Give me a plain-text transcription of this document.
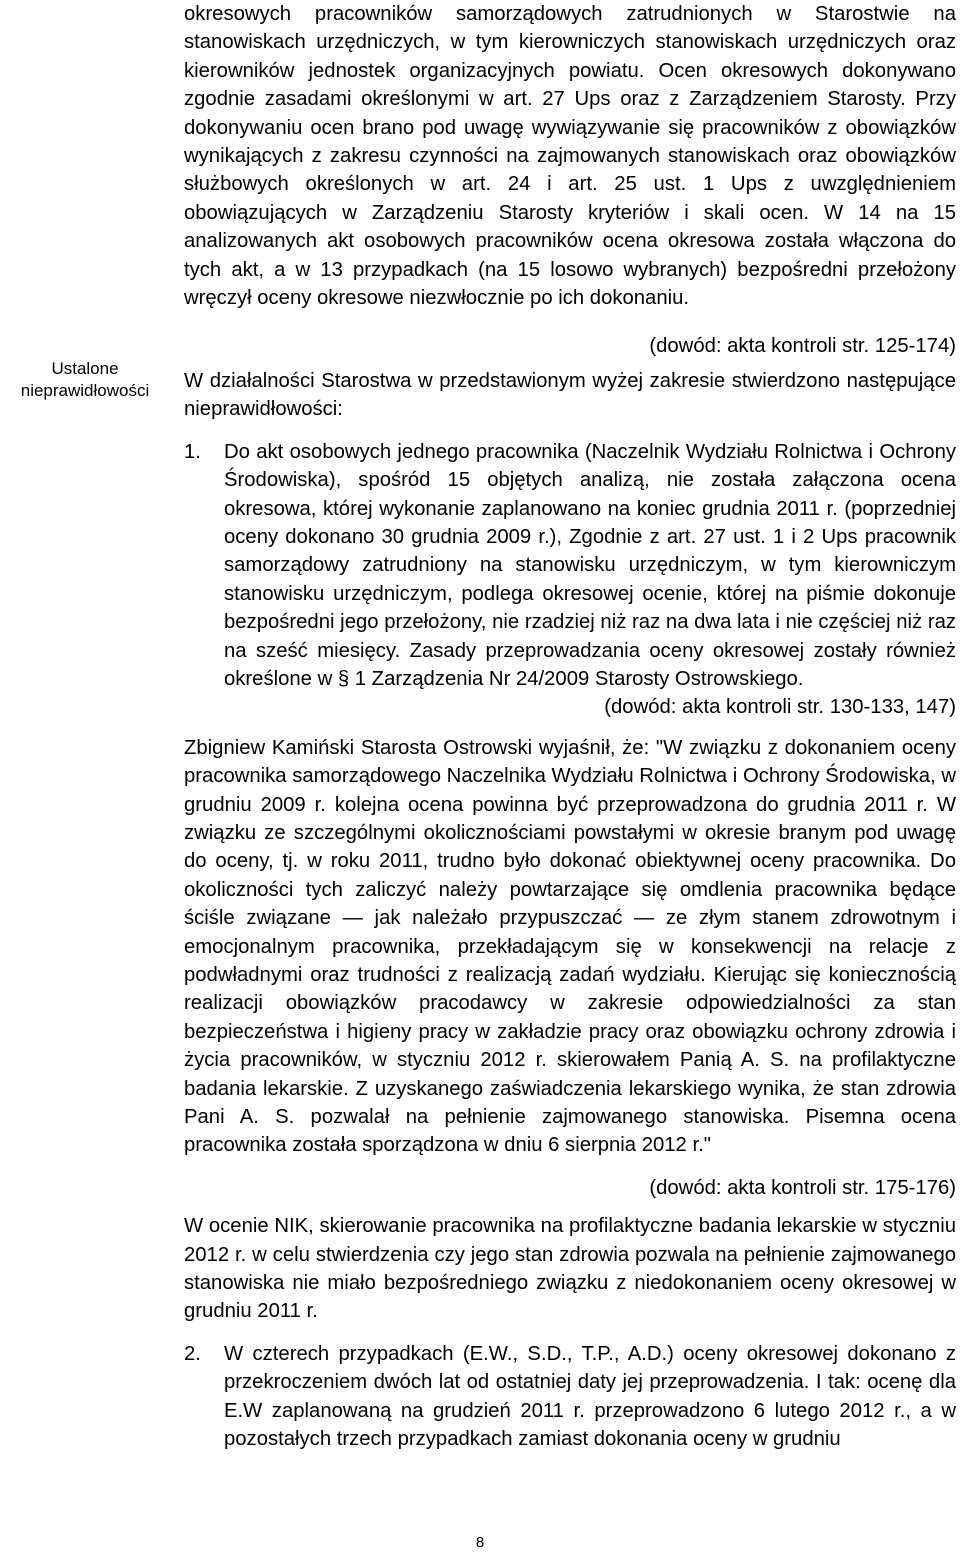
Ustalone nieprawidłowości

okresowych pracowników samorządowych zatrudnionych w Starostwie na stanowiskach urzędniczych, w tym kierowniczych stanowiskach urzędniczych oraz kierowników jednostek organizacyjnych powiatu. Ocen okresowych dokonywano zgodnie zasadami określonymi w art. 27 Ups oraz z Zarządzeniem Starosty. Przy dokonywaniu ocen brano pod uwagę wywiązywanie się pracowników z obowiązków wynikających z zakresu czynności na zajmowanych stanowiskach oraz obowiązków służbowych określonych w art. 24 i art. 25 ust. 1 Ups z uwzględnieniem obowiązujących w Zarządzeniu Starosty kryteriów i skali ocen. W 14 na 15 analizowanych akt osobowych pracowników ocena okresowa została włączona do tych akt, a w 13 przypadkach (na 15 losowo wybranych) bezpośredni przełożony wręczył oceny okresowe niezwłocznie po ich dokonaniu.

(dowód: akta kontroli str. 125-174)

W działalności Starostwa w przedstawionym wyżej zakresie stwierdzono następujące nieprawidłowości:

1.	Do akt osobowych jednego pracownika (Naczelnik Wydziału Rolnictwa i Ochrony Środowiska), spośród 15 objętych analizą, nie została załączona ocena okresowa, której wykonanie zaplanowano na koniec grudnia 2011 r. (poprzedniej oceny dokonano 30 grudnia 2009 r.), Zgodnie z art. 27 ust. 1 i 2 Ups pracownik samorządowy zatrudniony na stanowisku urzędniczym, w tym kierowniczym stanowisku urzędniczym, podlega okresowej ocenie, której na piśmie dokonuje bezpośredni jego przełożony, nie rzadziej niż raz na dwa lata i nie częściej niż raz na sześć miesięcy. Zasady przeprowadzania oceny okresowej zostały również określone w § 1 Zarządzenia Nr 24/2009 Starosty Ostrowskiego.

(dowód: akta kontroli str. 130-133, 147)

Zbigniew Kamiński Starosta Ostrowski wyjaśnił, że: "W związku z dokonaniem oceny pracownika samorządowego Naczelnika Wydziału Rolnictwa i Ochrony Środowiska, w grudniu 2009 r. kolejna ocena powinna być przeprowadzona do grudnia 2011 r. W związku ze szczególnymi okolicznościami powstałymi w okresie branym pod uwagę do oceny, tj. w roku 2011, trudno było dokonać obiektywnej oceny pracownika. Do okoliczności tych zaliczyć należy powtarzające się omdlenia pracownika będące ściśle związane — jak należało przypuszczać — ze złym stanem zdrowotnym i emocjonalnym pracownika, przekładającym się w konsekwencji na relacje z podwładnymi oraz trudności z realizacją zadań wydziału. Kierując się koniecznością realizacji obowiązków pracodawcy w zakresie odpowiedzialności za stan bezpieczeństwa i higieny pracy w zakładzie pracy oraz obowiązku ochrony zdrowia i życia pracowników, w styczniu 2012 r. skierowałem Panią A. S. na profilaktyczne badania lekarskie. Z uzyskanego zaświadczenia lekarskiego wynika, że stan zdrowia Pani A. S. pozwalał na pełnienie zajmowanego stanowiska. Pisemna ocena pracownika została sporządzona w dniu 6 sierpnia 2012 r."

(dowód: akta kontroli str. 175-176)

W ocenie NIK, skierowanie pracownika na profilaktyczne badania lekarskie w styczniu 2012 r. w celu stwierdzenia czy jego stan zdrowia pozwala na pełnienie zajmowanego stanowiska nie miało bezpośredniego związku z niedokonaniem oceny okresowej w grudniu 2011 r.

2.	W czterech przypadkach (E.W., S.D., T.P., A.D.) oceny okresowej dokonano z przekroczeniem dwóch lat od ostatniej daty jej przeprowadzenia. I tak: ocenę dla E.W zaplanowaną na grudzień 2011 r. przeprowadzono 6 lutego 2012 r., a w pozostałych trzech przypadkach zamiast dokonania oceny w grudniu
8
